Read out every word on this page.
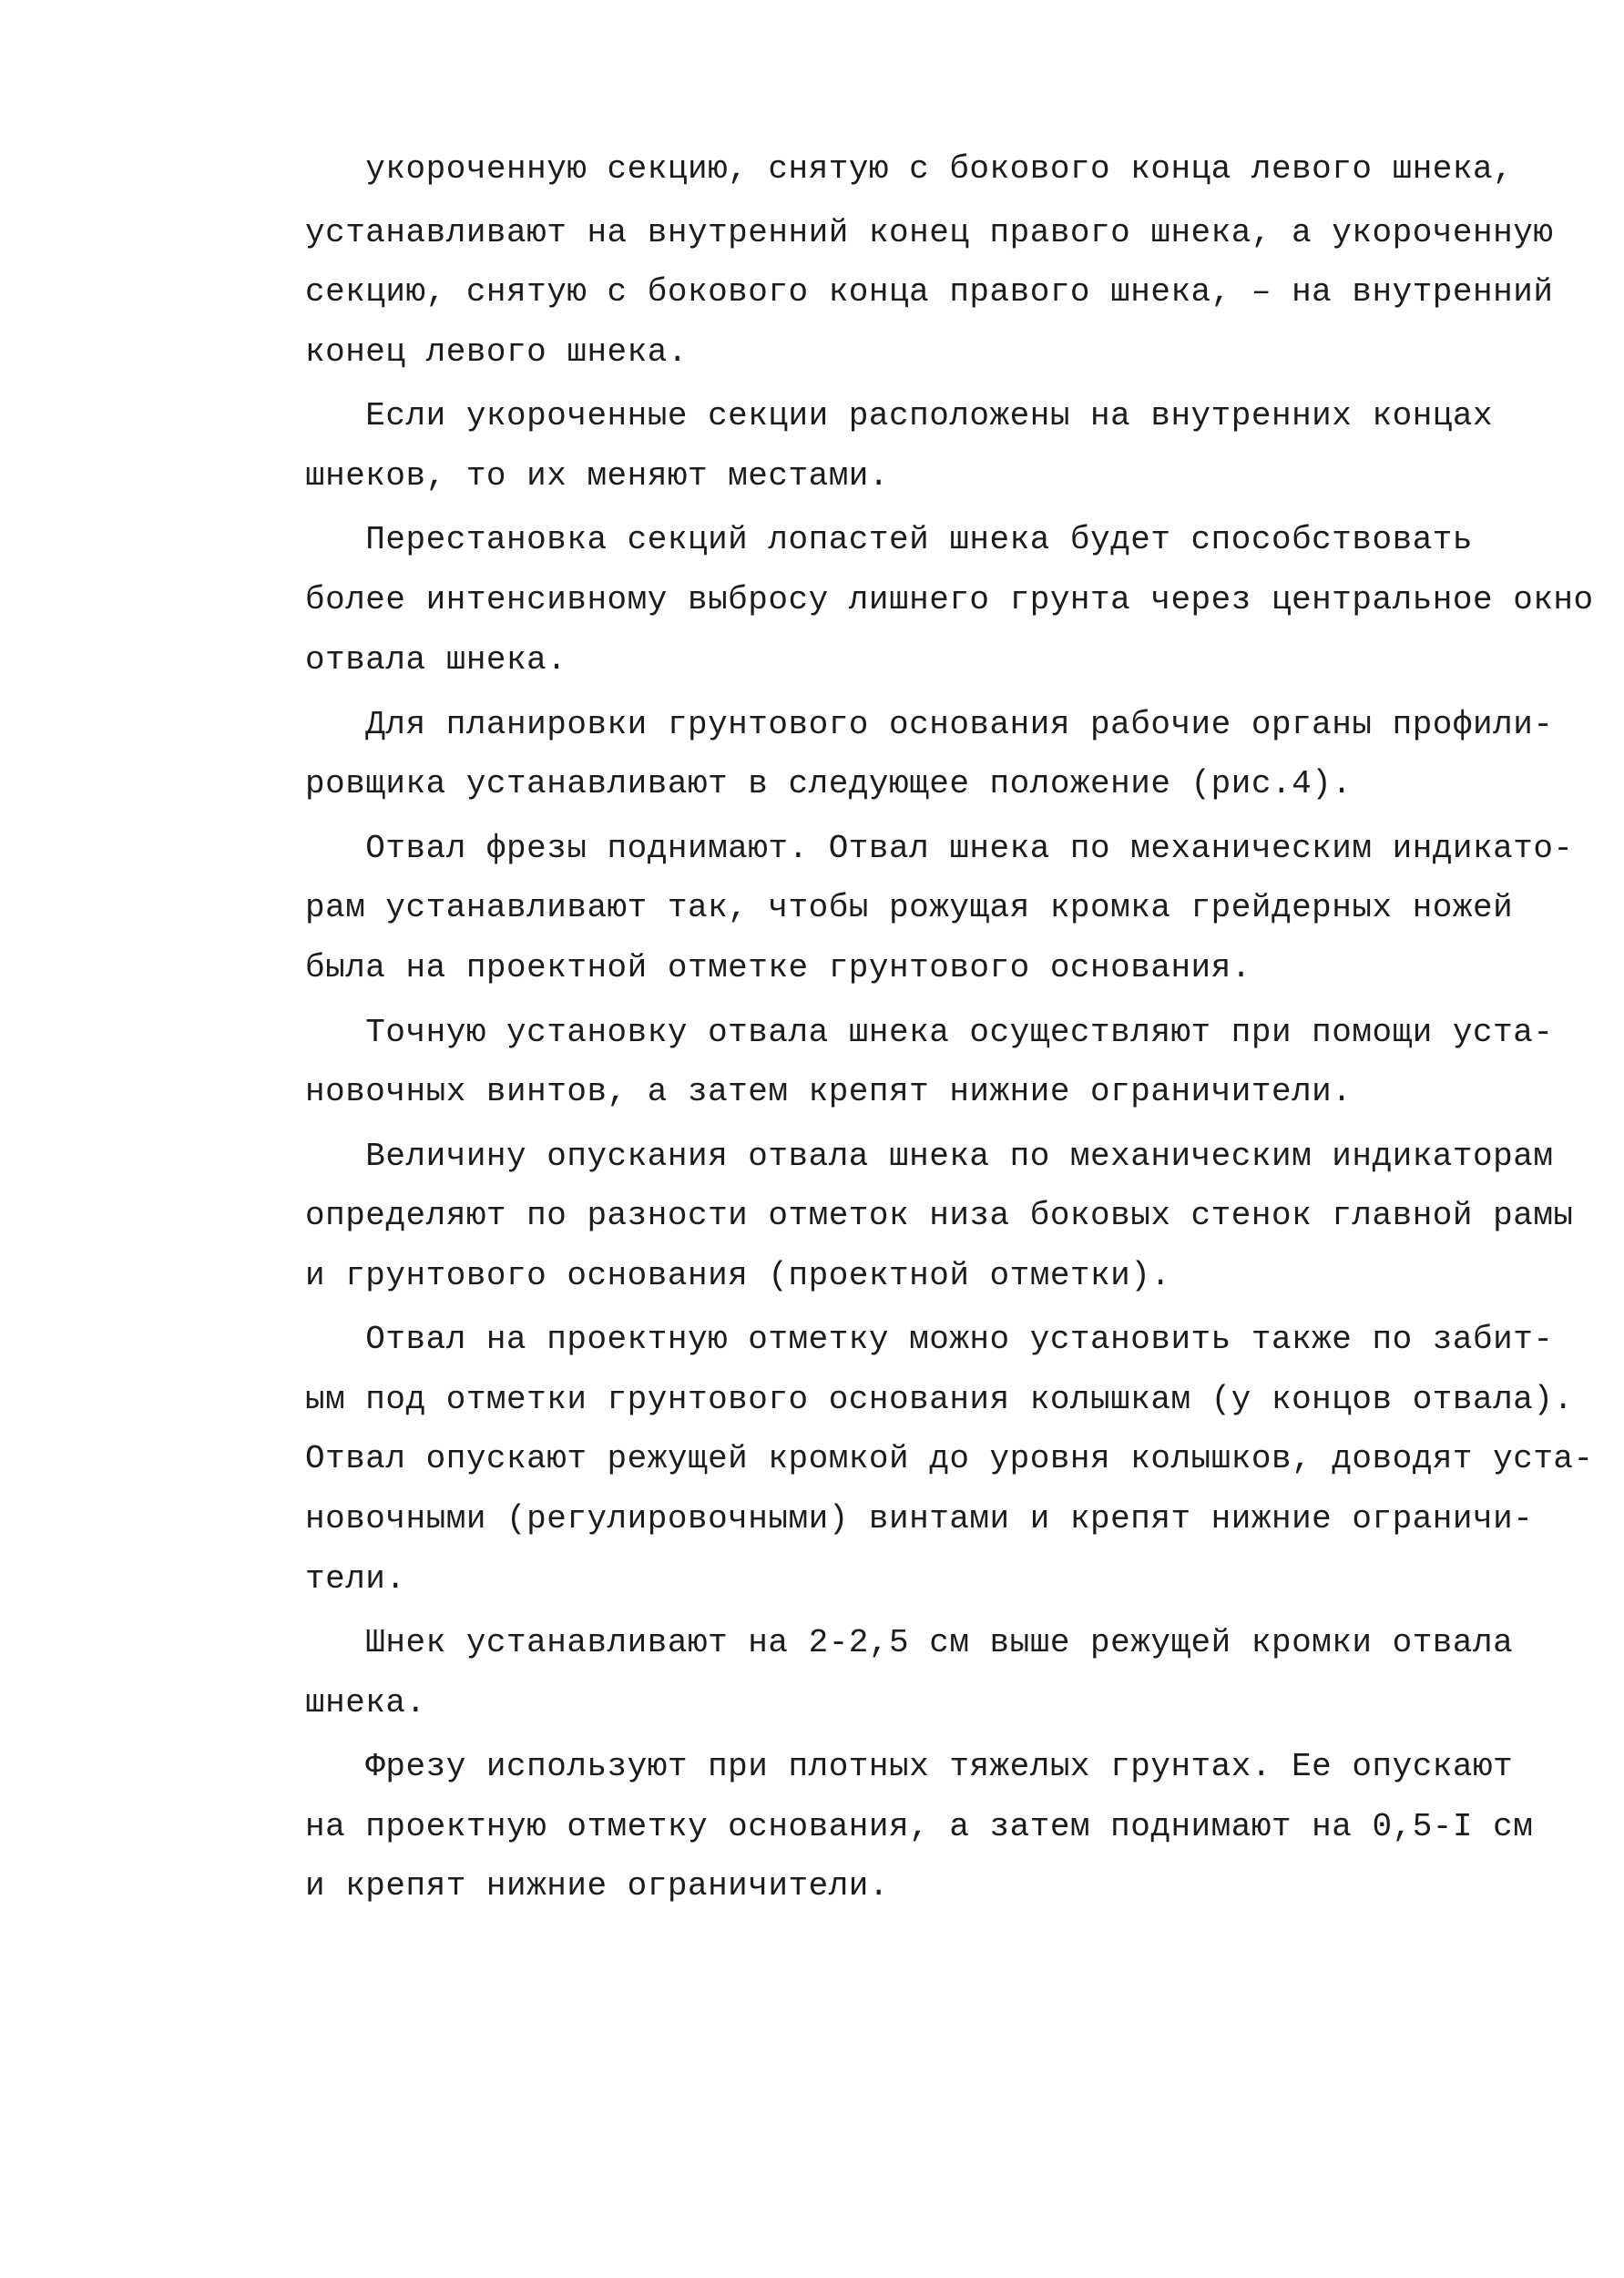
укороченную секцию, снятую с бокового конца левого шнека,
устанавливают на внутренний конец правого шнека, а укороченную
секцию, снятую с бокового конца правого шнека, – на внутренний
конец левого шнека.
Если укороченные секции расположены на внутренних концах
шнеков, то их меняют местами.
Перестановка секций лопастей шнека будет способствовать
более интенсивному выбросу лишнего грунта через центральное окно
отвала шнека.
Для планировки грунтового основания рабочие органы профили-
ровщика устанавливают в следующее положение (рис.4).
Отвал фрезы поднимают. Отвал шнека по механическим индикато-
рам устанавливают так, чтобы рожущая кромка грейдерных ножей
была на проектной отметке грунтового основания.
Точную установку отвала шнека осуществляют при помощи уста-
новочных винтов, а затем крепят нижние ограничители.
Величину опускания отвала шнека по механическим индикаторам
определяют по разности отметок низа боковых стенок главной рамы
и грунтового основания (проектной отметки).
Отвал на проектную отметку можно установить также по забит-
ым под отметки грунтового основания колышкам (у концов отвала).
Отвал опускают режущей кромкой до уровня колышков, доводят уста-
новочными (регулировочными) винтами и крепят нижние ограничи-
тели.
Шнек устанавливают на 2-2,5 см выше режущей кромки отвала
шнека.
Фрезу используют при плотных тяжелых грунтах. Ее опускают
на проектную отметку основания, а затем поднимают на 0,5-I см
и крепят нижние ограничители.
